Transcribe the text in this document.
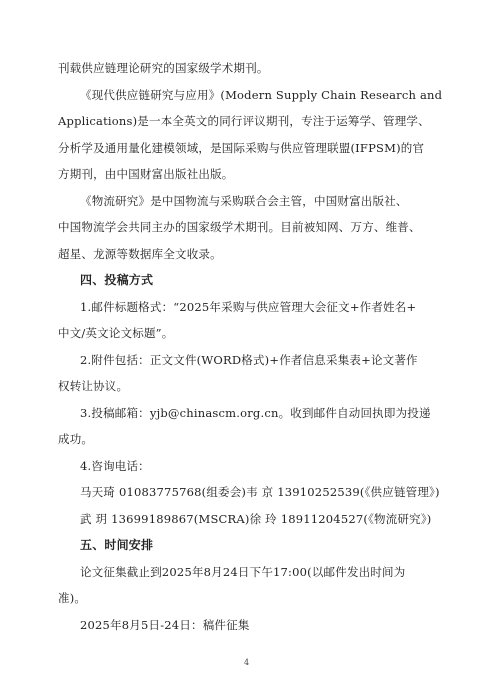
刊载供应链理论研究的国家级学术期刊。
《现代供应链研究与应用》(Modern Supply Chain Research and
Applications)是一本全英文的同行评议期刊，专注于运筹学、管理学、
分析学及通用量化建模领域，是国际采购与供应管理联盟(IFPSM)的官
方期刊，由中国财富出版社出版。
《物流研究》是中国物流与采购联合会主管，中国财富出版社、
中国物流学会共同主办的国家级学术期刊。目前被知网、万方、维普、
超星、龙源等数据库全文收录。
四、投稿方式
1.邮件标题格式：“2025年采购与供应管理大会征文+作者姓名+
中文/英文论文标题”。
2.附件包括：正文文件(WORD格式)+作者信息采集表+论文著作
权转让协议。
3.投稿邮箱：yjb@chinascm.org.cn。收到邮件自动回执即为投递
成功。
4.咨询电话：
马天琦 01083775768(组委会)韦 京 13910252539(《供应链管理》)
武 玥 13699189867(MSCRA)徐 玲 18911204527(《物流研究》)
五、时间安排
论文征集截止到2025年8月24日下午17:00(以邮件发出时间为
准)。
2025年8月5日-24日：稿件征集
4
